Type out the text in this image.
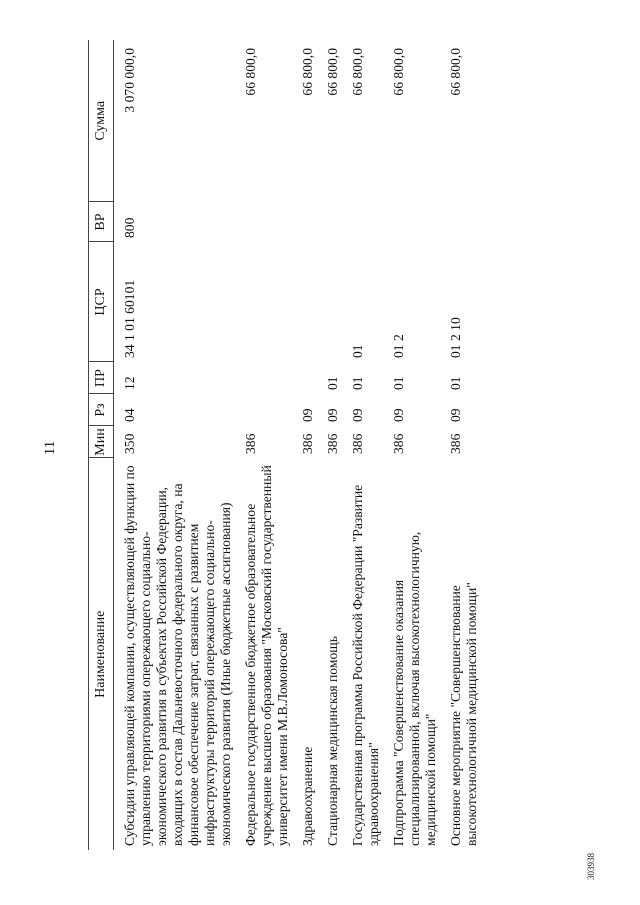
11
Наименование	Мин	Рз	ПР	ЦСР	ВР	Сумма
Субсидии управляющей компании, осуществляющей функции по управлению территориями опережающего социально-экономического развития в субъектах Российской Федерации, входящих в состав Дальневосточного федерального округа, на финансовое обеспечение затрат, связанных с развитием инфраструктуры территорий опережающего социально-экономического развития (Иные бюджетные ассигнования)	350	04	12	34 1 01 60101	800	3 070 000,0
Федеральное государственное бюджетное образовательное учреждение высшего образования "Московский государственный университет имени М.В.Ломоносова"	386					66 800,0
Здравоохранение	386	09				66 800,0
Стационарная медицинская помощь	386	09	01			66 800,0
Государственная программа Российской Федерации "Развитие здравоохранения"	386	09	01	01		66 800,0
Подпрограмма "Совершенствование оказания специализированной, включая высокотехнологичную, медицинской помощи"	386	09	01	01 2		66 800,0
Основное мероприятие "Совершенствование высокотехнологичной медицинской помощи"	386	09	01	01 2 10		66 800,0
303938
